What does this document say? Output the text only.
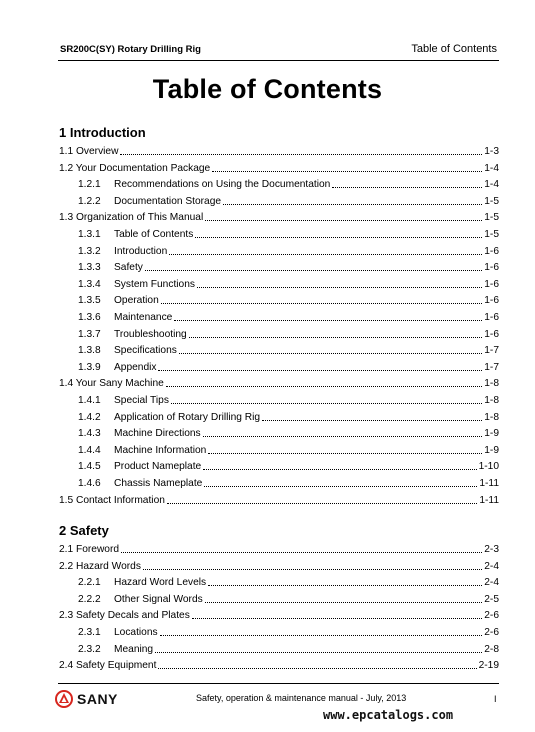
SR200C(SY) Rotary Drilling Rig	Table of Contents
Table of Contents
1 Introduction
1.1 Overview	1-3
1.2 Your Documentation Package	1-4
1.2.1	Recommendations on Using the Documentation	1-4
1.2.2	Documentation Storage	1-5
1.3 Organization of This Manual	1-5
1.3.1	Table of Contents	1-5
1.3.2	Introduction	1-6
1.3.3	Safety	1-6
1.3.4	System Functions	1-6
1.3.5	Operation	1-6
1.3.6	Maintenance	1-6
1.3.7	Troubleshooting	1-6
1.3.8	Specifications	1-7
1.3.9	Appendix	1-7
1.4 Your Sany Machine	1-8
1.4.1	Special Tips	1-8
1.4.2	Application of Rotary Drilling Rig	1-8
1.4.3	Machine Directions	1-9
1.4.4	Machine Information	1-9
1.4.5	Product Nameplate	1-10
1.4.6	Chassis Nameplate	1-11
1.5 Contact Information	1-11
2 Safety
2.1 Foreword	2-3
2.2 Hazard Words	2-4
2.2.1	Hazard Word Levels	2-4
2.2.2	Other Signal Words	2-5
2.3 Safety Decals and Plates	2-6
2.3.1	Locations	2-6
2.3.2	Meaning	2-8
2.4 Safety Equipment	2-19
SANY	Safety, operation & maintenance manual - July, 2013	I
www.epcatalogs.com
